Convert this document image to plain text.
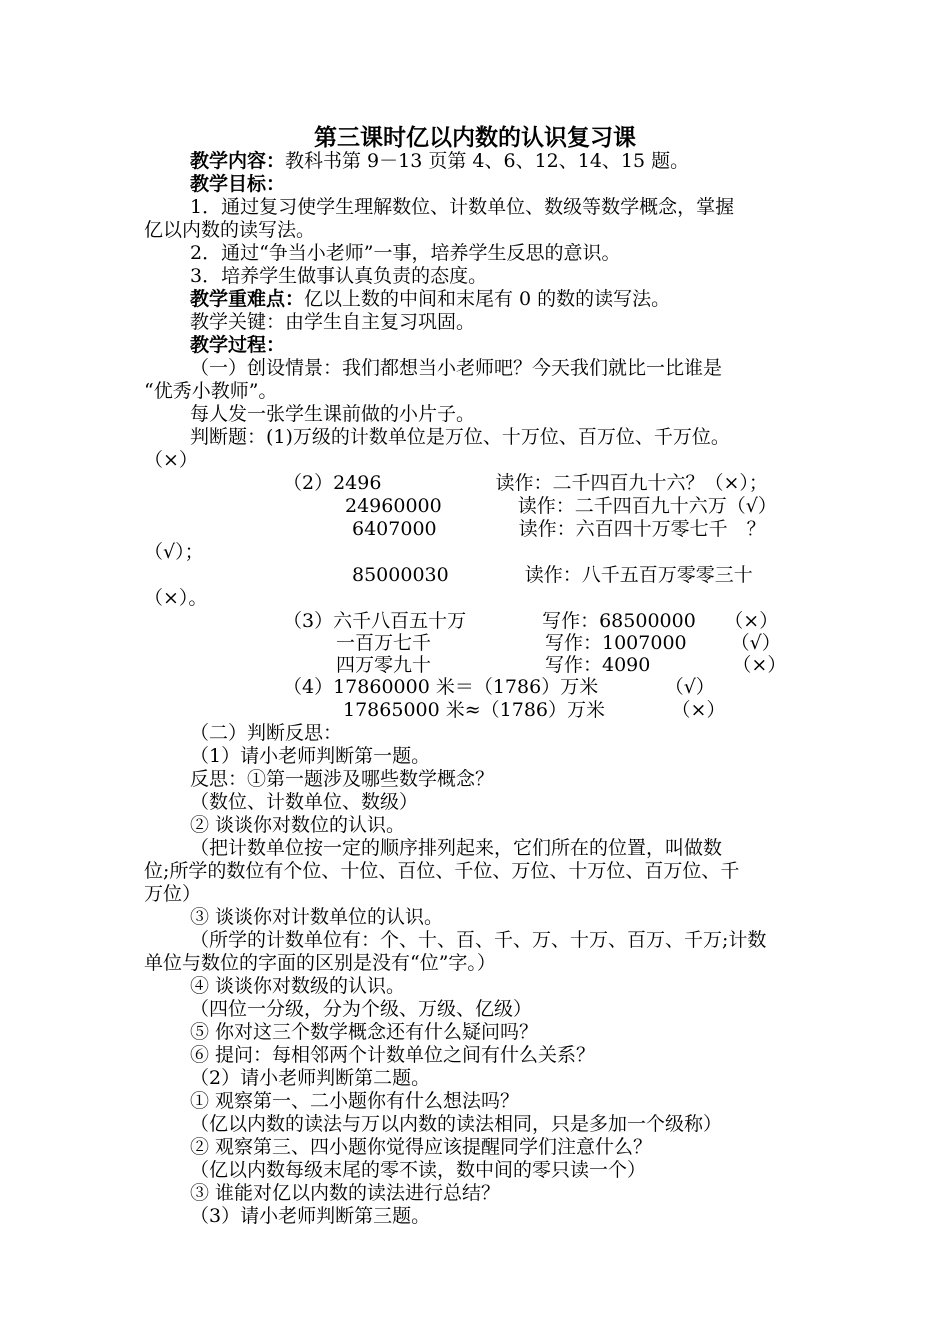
第三课时亿以内数的认识复习课
教学内容：教科书第 9－13 页第 4、6、12、14、15 题。
教学目标：
1．通过复习使学生理解数位、计数单位、数级等数学概念，掌握
亿以内数的读写法。
2．通过“争当小老师”一事，培养学生反思的意识。
3．培养学生做事认真负责的态度。
教学重难点：亿以上数的中间和末尾有 0 的数的读写法。
教学关键：由学生自主复习巩固。
教学过程：
（一）创设情景：我们都想当小老师吧？今天我们就比一比谁是
“优秀小教师”。
每人发一张学生课前做的小片子。
判断题：(1)万级的计数单位是万位、十万位、百万位、千万位。
（×）
（2）2496　　　　　　读作：二千四百九十六？（×）；
24960000　　　　读作：二千四百九十六万（√）
6407000　　　　 读作：六百四十万零七千　？
（√）；
85000030　　　　读作：八千五百万零零三十
（×）。
（3）六千八百五十万　　　　写作：68500000　　（×）
一百万七千　　　　　　写作：1007000　　 （√）
四万零九十　　　　　　写作：4090　　　　 （×）
（4）17860000 米＝（1786）万米　　　　（√）
17865000 米≈（1786）万米　　　　（×）
（二）判断反思：
（1）请小老师判断第一题。
反思：①第一题涉及哪些数学概念？
（数位、计数单位、数级）
② 谈谈你对数位的认识。
（把计数单位按一定的顺序排列起来，它们所在的位置，叫做数
位;所学的数位有个位、十位、百位、千位、万位、十万位、百万位、千
万位）
③ 谈谈你对计数单位的认识。
（所学的计数单位有：个、十、百、千、万、十万、百万、千万;计数
单位与数位的字面的区别是没有“位”字。）
④ 谈谈你对数级的认识。
（四位一分级，分为个级、万级、亿级）
⑤ 你对这三个数学概念还有什么疑问吗？
⑥ 提问：每相邻两个计数单位之间有什么关系？
（2）请小老师判断第二题。
① 观察第一、二小题你有什么想法吗？
（亿以内数的读法与万以内数的读法相同，只是多加一个级称）
② 观察第三、四小题你觉得应该提醒同学们注意什么？
（亿以内数每级末尾的零不读，数中间的零只读一个）
③ 谁能对亿以内数的读法进行总结？
（3）请小老师判断第三题。
